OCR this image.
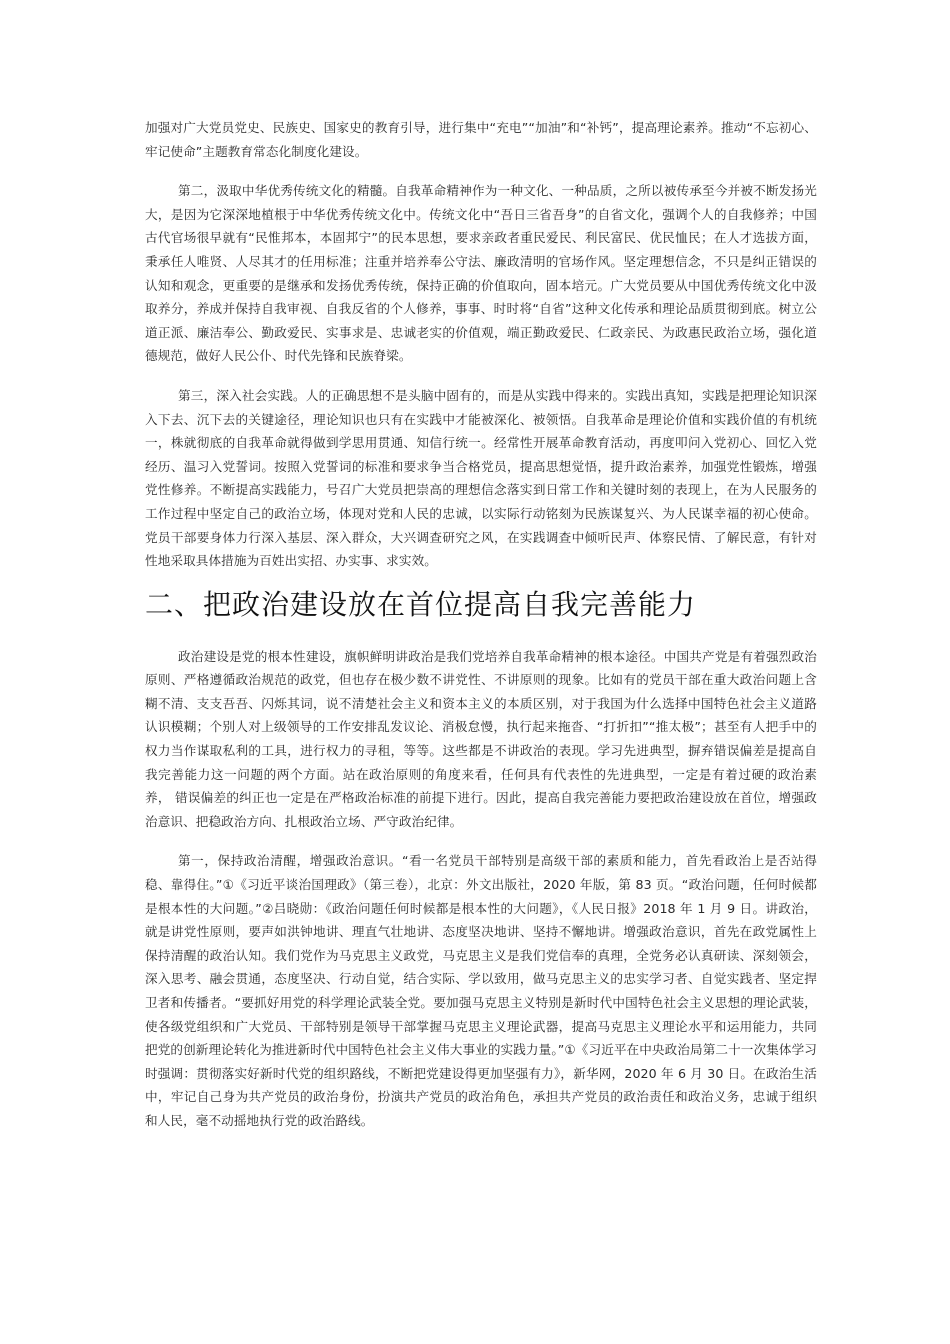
加强对广大党员党史、民族史、国家史的教育引导，进行集中“充电”“加油”和“补钙”，提高理论素养。推动“不忘初心、牢记使命”主题教育常态化制度化建设。

第二，汲取中华优秀传统文化的精髓。自我革命精神作为一种文化、一种品质，之所以被传承至今并被不断发扬光大，是因为它深深地植根于中华优秀传统文化中。传统文化中“吾日三省吾身”的自省文化，强调个人的自我修养；中国古代官场很早就有“民惟邦本，本固邦宁”的民本思想，要求亲政者重民爱民、利民富民、优民恤民；在人才选拔方面，秉承任人唯贤、人尽其才的任用标准；注重并培养奉公守法、廉政清明的官场作风。坚定理想信念，不只是纠正错误的认知和观念，更重要的是继承和发扬优秀传统，保持正确的价值取向，固本培元。广大党员要从中国优秀传统文化中汲取养分，养成并保持自我审视、自我反省的个人修养，事事、时时将“自省”这种文化传承和理论品质贯彻到底。树立公道正派、廉洁奉公、勤政爱民、实事求是、忠诚老实的价值观，端正勤政爱民、仁政亲民、为政惠民政治立场，强化道德规范，做好人民公仆、时代先锋和民族脊梁。

第三，深入社会实践。人的正确思想不是头脑中固有的，而是从实践中得来的。实践出真知，实践是把理论知识深入下去、沉下去的关键途径，理论知识也只有在实践中才能被深化、被领悟。自我革命是理论价值和实践价值的有机统一，株就彻底的自我革命就得做到学思用贯通、知信行统一。经常性开展革命教育活动，再度叩问入党初心、回忆入党经历、温习入党誓词。按照入党誓词的标准和要求争当合格党员，提高思想觉悟，提升政治素养，加强党性锻炼，增强党性修养。不断提高实践能力，号召广大党员把崇高的理想信念落实到日常工作和关键时刻的表现上，在为人民服务的工作过程中坚定自己的政治立场，体现对党和人民的忠诚，以实际行动铭刻为民族谋复兴、为人民谋幸福的初心使命。党员干部要身体力行深入基层、深入群众，大兴调查研究之风，在实践调查中倾听民声、体察民情、了解民意，有针对性地采取具体措施为百姓出实招、办实事、求实效。

二、把政治建设放在首位提高自我完善能力

政治建设是党的根本性建设，旗帜鲜明讲政治是我们党培养自我革命精神的根本途径。中国共产党是有着强烈政治原则、严格遵循政治规范的政党，但也存在极少数不讲党性、不讲原则的现象。比如有的党员干部在重大政治问题上含糊不清、支支吾吾、闪烁其词，说不清楚社会主义和资本主义的本质区别，对于我国为什么选择中国特色社会主义道路认识模糊；个别人对上级领导的工作安排乱发议论、消极怠慢，执行起来拖沓、“打折扣”“推太极”；甚至有人把手中的权力当作谋取私利的工具，进行权力的寻租，等等。这些都是不讲政治的表现。学习先进典型，摒弃错误偏差是提高自我完善能力这一问题的两个方面。站在政治原则的角度来看，任何具有代表性的先进典型，一定是有着过硬的政治素养， 错误偏差的纠正也一定是在严格政治标准的前提下进行。因此，提高自我完善能力要把政治建设放在首位，增强政治意识、把稳政治方向、扎根政治立场、严守政治纪律。

第一，保持政治清醒，增强政治意识。“看一名党员干部特别是高级干部的素质和能力，首先看政治上是否站得稳、靠得住。”①《习近平谈治国理政》（第三卷），北京：外文出版社，2020 年版，第 83 页。“政治问题，任何时候都是根本性的大问题。”②吕晓勋：《政治问题任何时候都是根本性的大问题》，《人民日报》2018 年 1 月 9 日。讲政治， 就是讲党性原则，要声如洪钟地讲、理直气壮地讲、态度坚决地讲、坚持不懈地讲。增强政治意识，首先在政党属性上保持清醒的政治认知。我们党作为马克思主义政党，马克思主义是我们党信奉的真理，全党务必认真研读、深刻领会， 深入思考、融会贯通，态度坚决、行动自觉，结合实际、学以致用，做马克思主义的忠实学习者、自觉实践者、坚定捍卫者和传播者。“要抓好用党的科学理论武装全党。要加强马克思主义特别是新时代中国特色社会主义思想的理论武装， 使各级党组织和广大党员、干部特别是领导干部掌握马克思主义理论武器，提高马克思主义理论水平和运用能力，共同把党的创新理论转化为推进新时代中国特色社会主义伟大事业的实践力量。”①《习近平在中央政治局第二十一次集体学习时强调：贯彻落实好新时代党的组织路线，不断把党建设得更加坚强有力》，新华网，2020 年 6 月 30 日。在政治生活中，牢记自己身为共产党员的政治身份，扮演共产党员的政治角色，承担共产党员的政治责任和政治义务，忠诚于组织和人民，毫不动摇地执行党的政治路线。
